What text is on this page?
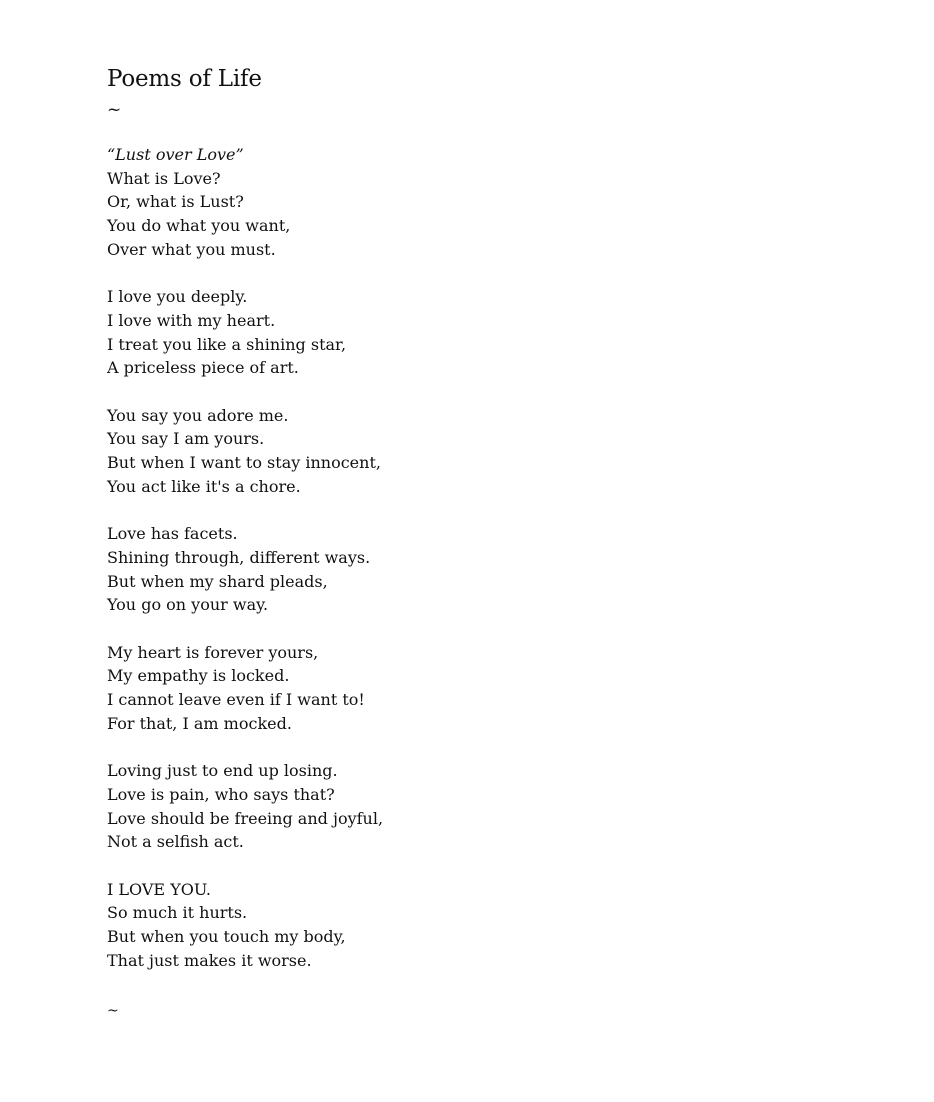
Poems of Life
~
“Lust over Love”
What is Love?
Or, what is Lust?
You do what you want,
Over what you must.
I love you deeply.
I love with my heart.
I treat you like a shining star,
A priceless piece of art.
You say you adore me.
You say I am yours.
But when I want to stay innocent,
You act like it's a chore.
Love has facets.
Shining through, different ways.
But when my shard pleads,
You go on your way.
My heart is forever yours,
My empathy is locked.
I cannot leave even if I want to!
For that, I am mocked.
Loving just to end up losing.
Love is pain, who says that?
Love should be freeing and joyful,
Not a selfish act.
I LOVE YOU.
So much it hurts.
But when you touch my body,
That just makes it worse.
~
